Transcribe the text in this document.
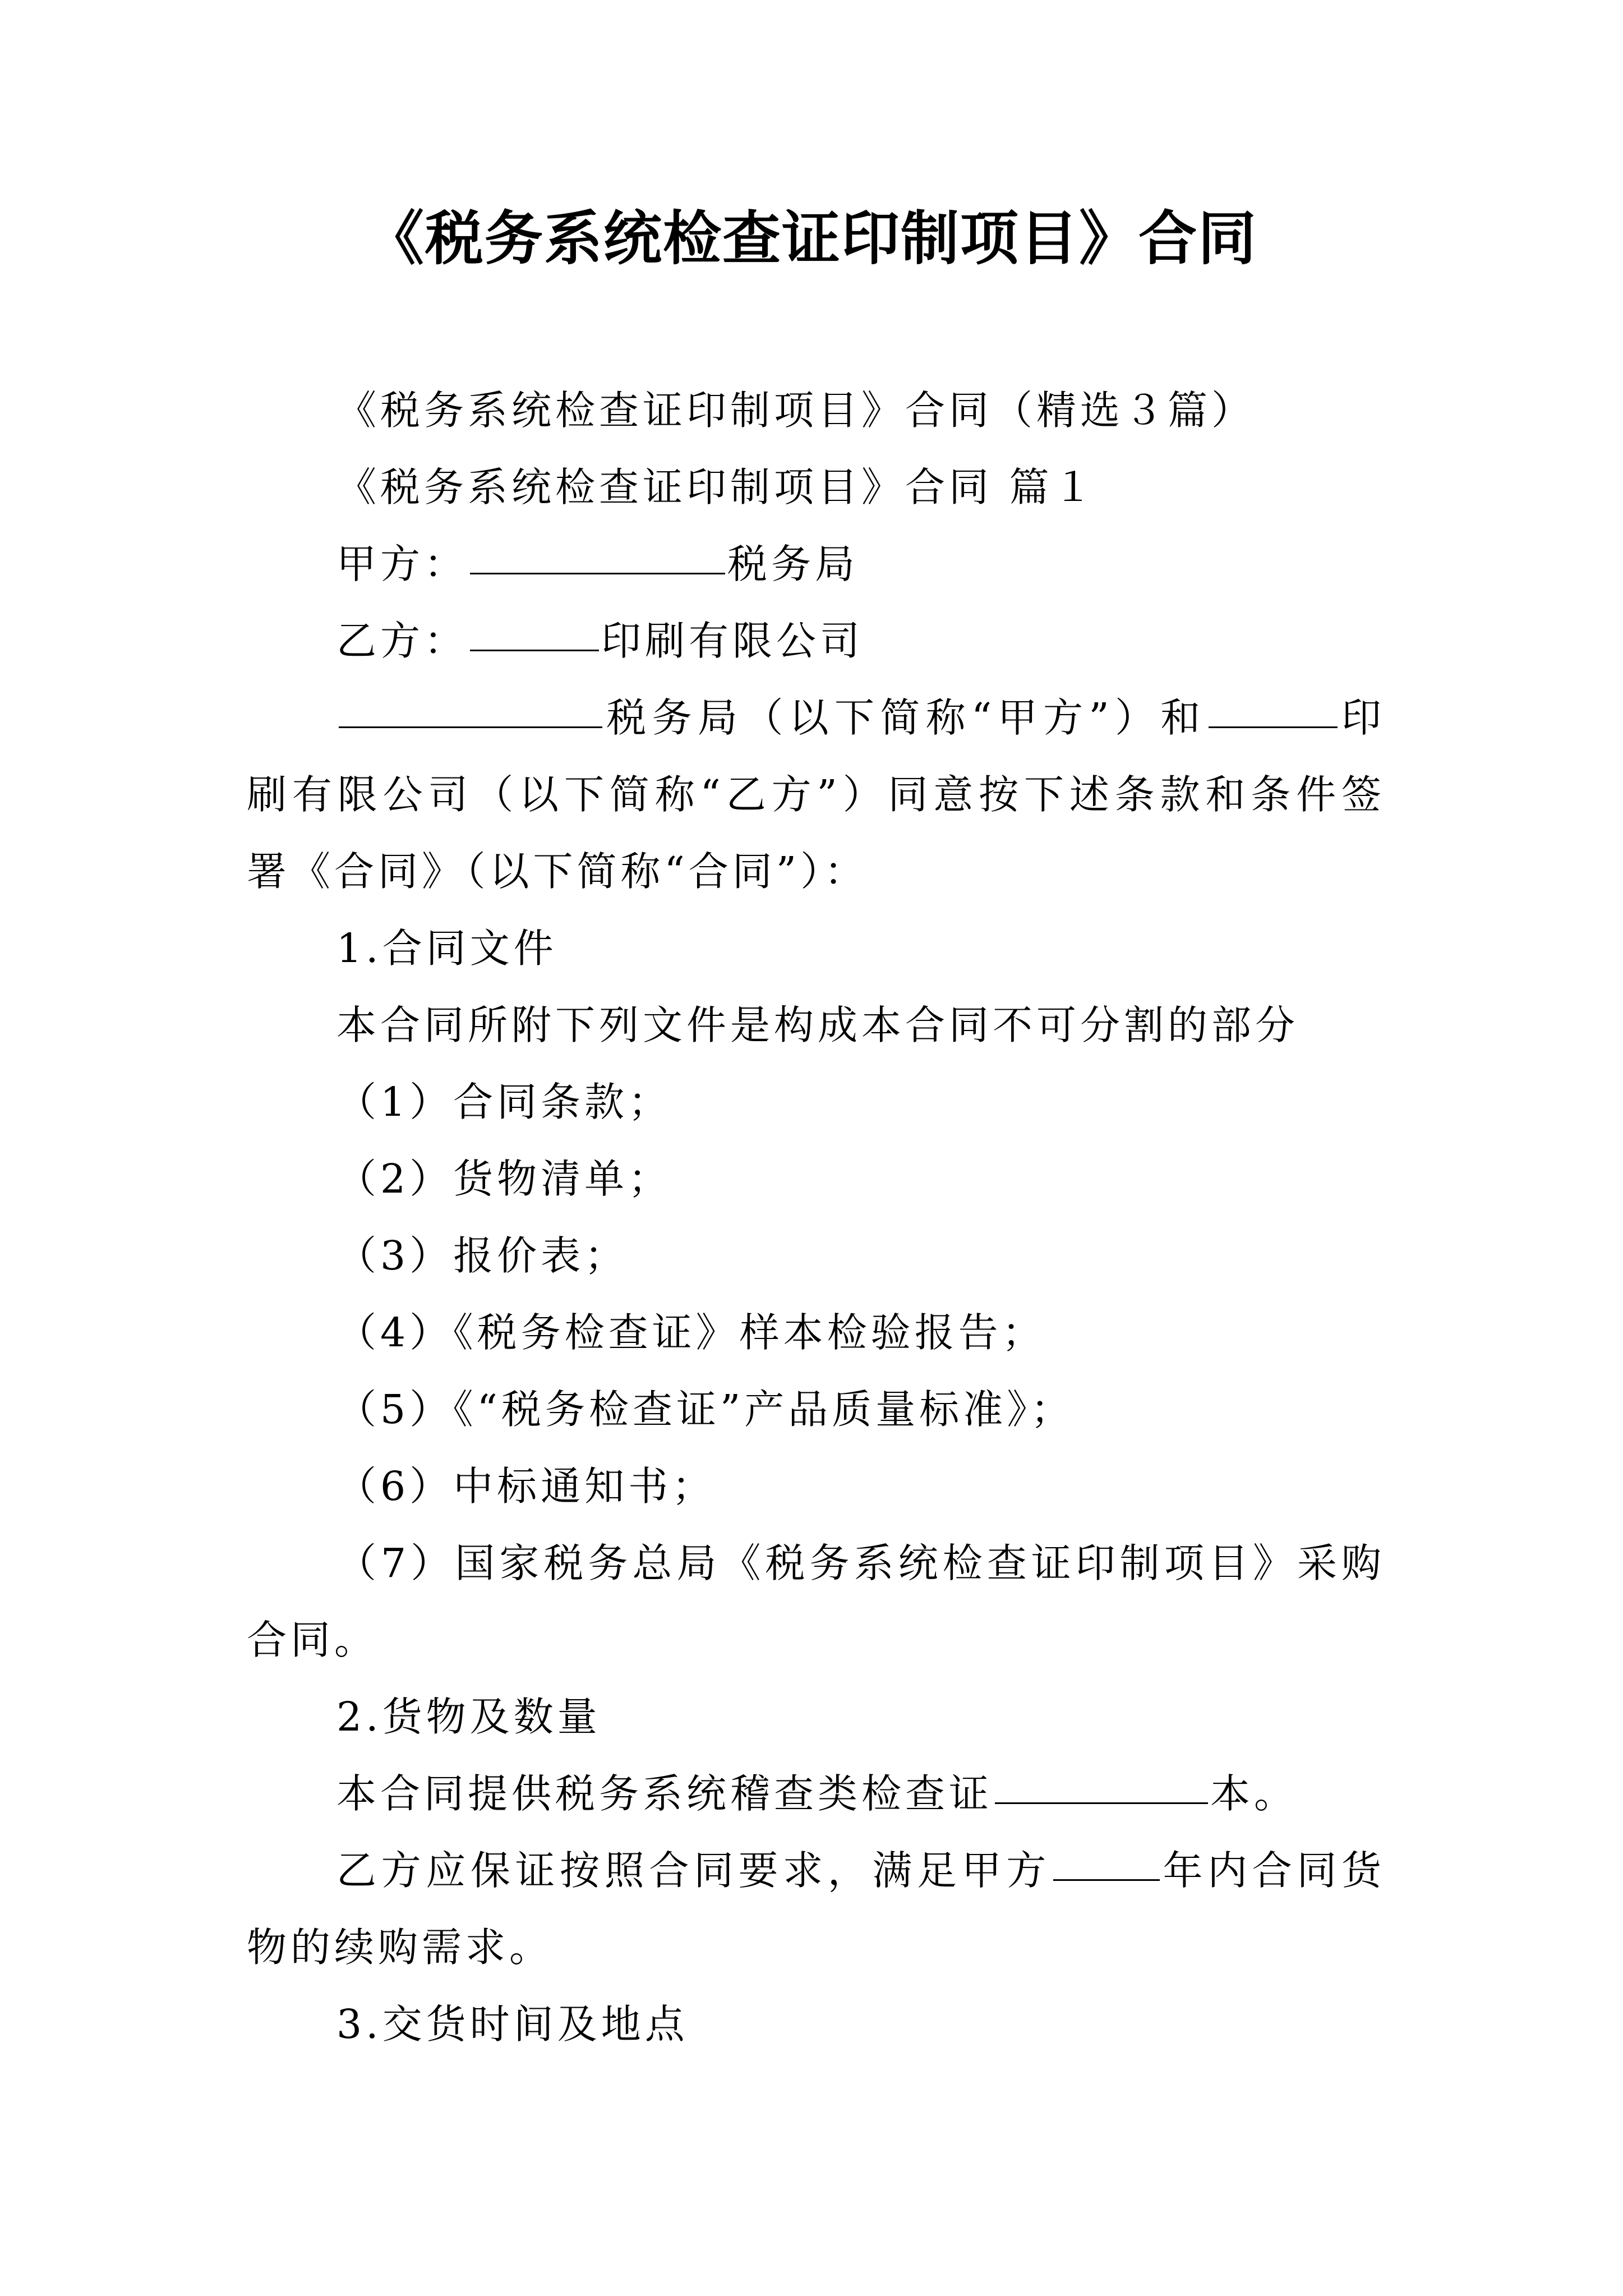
《税务系统检查证印制项目》合同

《税务系统检查证印制项目》合同（精选３篇）

《税务系统检查证印制项目》合同 篇１

甲方：	税务局

乙方：	印刷有限公司

税务局（以下简称“甲方”）和	印刷有限公司（以下简称“乙方”）同意按下述条款和条件签署《合同》（以下简称“合同”）：

1.合同文件

本合同所附下列文件是构成本合同不可分割的部分

（1）合同条款；

（2）货物清单；

（3）报价表；

（4）《税务检查证》样本检验报告；

（5）《“税务检查证”产品质量标准》；

（6）中标通知书；

（7）国家税务总局《税务系统检查证印制项目》采购合同。

2.货物及数量

本合同提供税务系统稽查类检查证	本。

乙方应保证按照合同要求，满足甲方	年内合同货物的续购需求。

3.交货时间及地点
